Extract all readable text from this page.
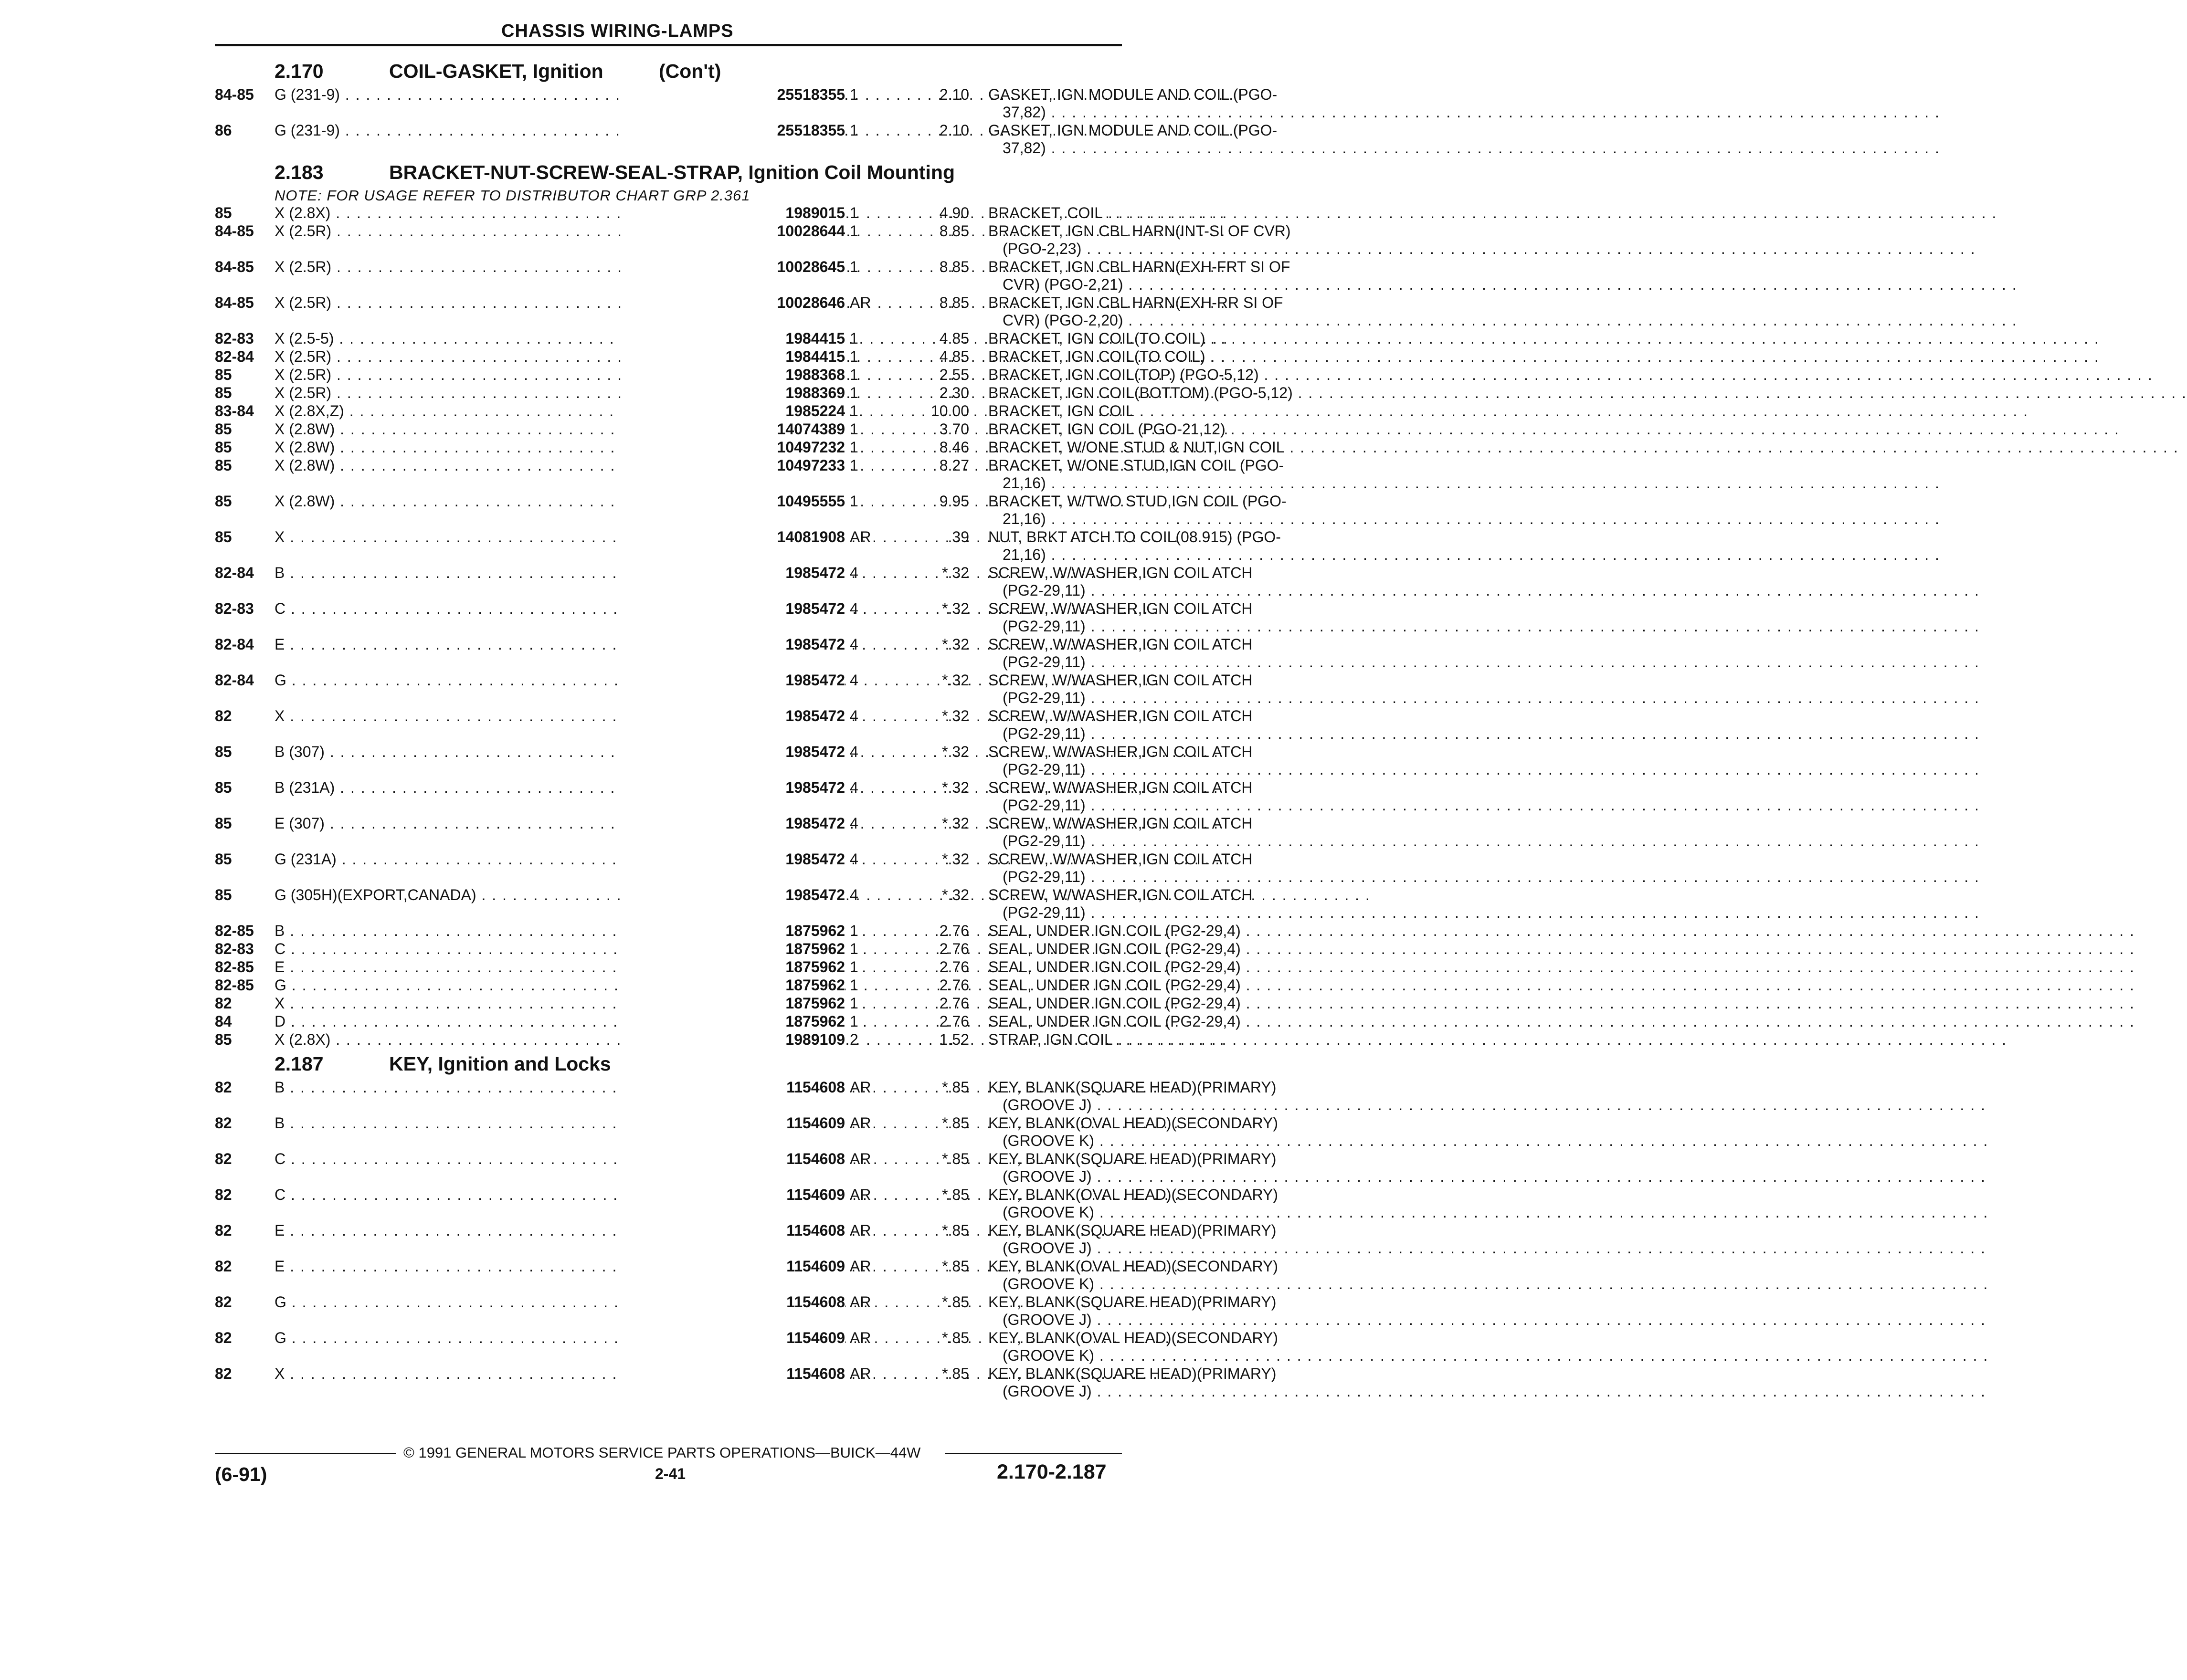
CHASSIS WIRING-LAMPS
2.170	COIL-GASKET, Ignition	(Con't)
84-85 G (231-9) . . .	25518355 1	2.10 GASKET, IGN MODULE AND COIL (PGO-
37,82) . . .
86	G (231-9) . . .	25518355 1	2.10 GASKET, IGN MODULE AND COIL (PGO-
37,82) . . .
2.183	BRACKET-NUT-SCREW-SEAL-STRAP, Ignition Coil Mounting
NOTE: FOR USAGE REFER TO DISTRIBUTOR CHART GRP 2.361
85	X (2.8X) . . .	1989015 1	4.90 BRACKET, COIL . . .
84-85 X (2.5R) . . .	10028644 1	8.85 BRACKET, IGN CBL HARN(INT-SI OF CVR)
(PGO-2,23) . . .
84-85 X (2.5R) . . .	10028645 1	8.85 BRACKET, IGN CBL HARN(EXH-FRT SI OF
CVR) (PGO-2,21) . . .
84-85 X (2.5R) . . .	10028646 AR	8.85 BRACKET, IGN CBL HARN(EXH-RR SI OF
CVR) (PGO-2,20) . . .
82-83 X (2.5-5) . . .	1984415 1	4.85 BRACKET, IGN COIL(TO COIL) . . .
82-84 X (2.5R) . . .	1984415 1	4.85 BRACKET, IGN COIL(TO COIL) . . .
85	X (2.5R) . . .	1988368 1	2.55 BRACKET, IGN COIL(TOP) (PGO-5,12) . . .
85	X (2.5R) . . .	1988369 1	2.30 BRACKET, IGN COIL(BOTTOM) (PGO-5,12) . . .
83-84 X (2.8X,Z) . . .	1985224 1	10.00 BRACKET, IGN COIL . . .
85	X (2.8W) . . .	14074389 1	3.70 BRACKET, IGN COIL (PGO-21,12) . . .
85	X (2.8W) . . .	10497232 1	8.46 BRACKET, W/ONE STUD & NUT,IGN COIL . . .
85	X (2.8W) . . .	10497233 1	8.27 BRACKET, W/ONE STUD,IGN COIL (PGO-
21,16) . . .
85	X (2.8W) . . .	10495555 1	9.95 BRACKET, W/TWO STUD,IGN COIL (PGO-
21,16) . . .
85	X . . .	14081908 AR	.39 NUT, BRKT ATCH TO COIL(08.915) (PGO-
21,16) . . .
82-84 B . . .	1985472 4	*.32 SCREW, W/WASHER,IGN COIL ATCH
(PG2-29,11) . . .
82-83 C . . .	1985472 4	*.32 SCREW, W/WASHER,IGN COIL ATCH
(PG2-29,11) . . .
82-84 E . . .	1985472 4	*.32 SCREW, W/WASHER,IGN COIL ATCH
(PG2-29,11) . . .
82-84 G . . .	1985472 4	*.32 SCREW, W/WASHER,IGN COIL ATCH
(PG2-29,11) . . .
82	X . . .	1985472 4	*.32 SCREW, W/WASHER,IGN COIL ATCH
(PG2-29,11) . . .
85	B (307) . . .	1985472 4	*.32 SCREW, W/WASHER,IGN COIL ATCH
(PG2-29,11) . . .
85	B (231A) . . .	1985472 4	*.32 SCREW, W/WASHER,IGN COIL ATCH
(PG2-29,11) . . .
85	E (307) . . .	1985472 4	*.32 SCREW, W/WASHER,IGN COIL ATCH
(PG2-29,11) . . .
85	G (231A) . . .	1985472 4	*.32 SCREW, W/WASHER,IGN COIL ATCH
(PG2-29,11) . . .
85	G (305H)(EXPORT,CANADA) . . .	1985472 4	*.32 SCREW, W/WASHER,IGN COIL ATCH
(PG2-29,11) . . .
82-85 B . . .	1875962 1	2.76 SEAL, UNDER IGN COIL (PG2-29,4) . . .
82-83 C . . .	1875962 1	2.76 SEAL, UNDER IGN COIL (PG2-29,4) . . .
82-85 E . . .	1875962 1	2.76 SEAL, UNDER IGN COIL (PG2-29,4) . . .
82-85 G . . .	1875962 1	2.76 SEAL, UNDER IGN COIL (PG2-29,4) . . .
82	X . . .	1875962 1	2.76 SEAL, UNDER IGN COIL (PG2-29,4) . . .
84	D . . .	1875962 1	2.76 SEAL, UNDER IGN COIL (PG2-29,4) . . .
85	X (2.8X) . . .	1989109 2	1.52 STRAP, IGN COIL . . .
2.187	KEY, Ignition and Locks
82	B . . .	1154608 AR	*.85 KEY, BLANK(SQUARE HEAD)(PRIMARY)
(GROOVE J) . . .
82	B . . .	1154609 AR	*.85 KEY, BLANK(OVAL HEAD)(SECONDARY)
(GROOVE K) . . .
82	C . . .	1154608 AR	*.85 KEY, BLANK(SQUARE HEAD)(PRIMARY)
(GROOVE J) . . .
82	C . . .	1154609 AR	*.85 KEY, BLANK(OVAL HEAD)(SECONDARY)
(GROOVE K) . . .
82	E . . .	1154608 AR	*.85 KEY, BLANK(SQUARE HEAD)(PRIMARY)
(GROOVE J) . . .
82	E . . .	1154609 AR	*.85 KEY, BLANK(OVAL HEAD)(SECONDARY)
(GROOVE K) . . .
82	G . . .	1154608 AR	*.85 KEY, BLANK(SQUARE HEAD)(PRIMARY)
(GROOVE J) . . .
82	G . . .	1154609 AR	*.85 KEY, BLANK(OVAL HEAD)(SECONDARY)
(GROOVE K) . . .
82	X . . .	1154608 AR	*.85 KEY, BLANK(SQUARE HEAD)(PRIMARY)
(GROOVE J) . . .
© 1991 GENERAL MOTORS SERVICE PARTS OPERATIONS—BUICK—44W
(6-91)	2-41	2.170-2.187
